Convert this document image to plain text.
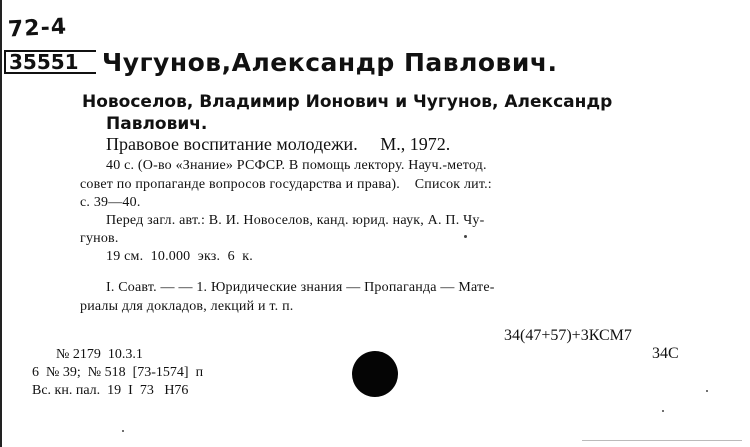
72-4
35551 Чугунов,Александр Павлович.
Новоселов, Владимир Ионович и Чугунов, Александр
Павлович.
Правовое воспитание молодежи.     М., 1972.
40 с. (О-во «Знание» РСФСР. В помощь лектору. Науч.-метод.
совет по пропаганде вопросов государства и права).    Список лит.:
с. 39—40.
Перед загл. авт.: В. И. Новоселов, канд. юрид. наук, А. П. Чу-
гунов.
19 см.  10.000  экз.  6  к.
I. Соавт. — — 1. Юридические знания — Пропаганда — Мате-
риалы для докладов, лекций и т. п.
34(47+57)+3КСМ7
34С
№ 2179  10.3.1
6  № 39;  № 518  [73-1574]  п
Вс. кн. пал.  19  I  73   Н76
